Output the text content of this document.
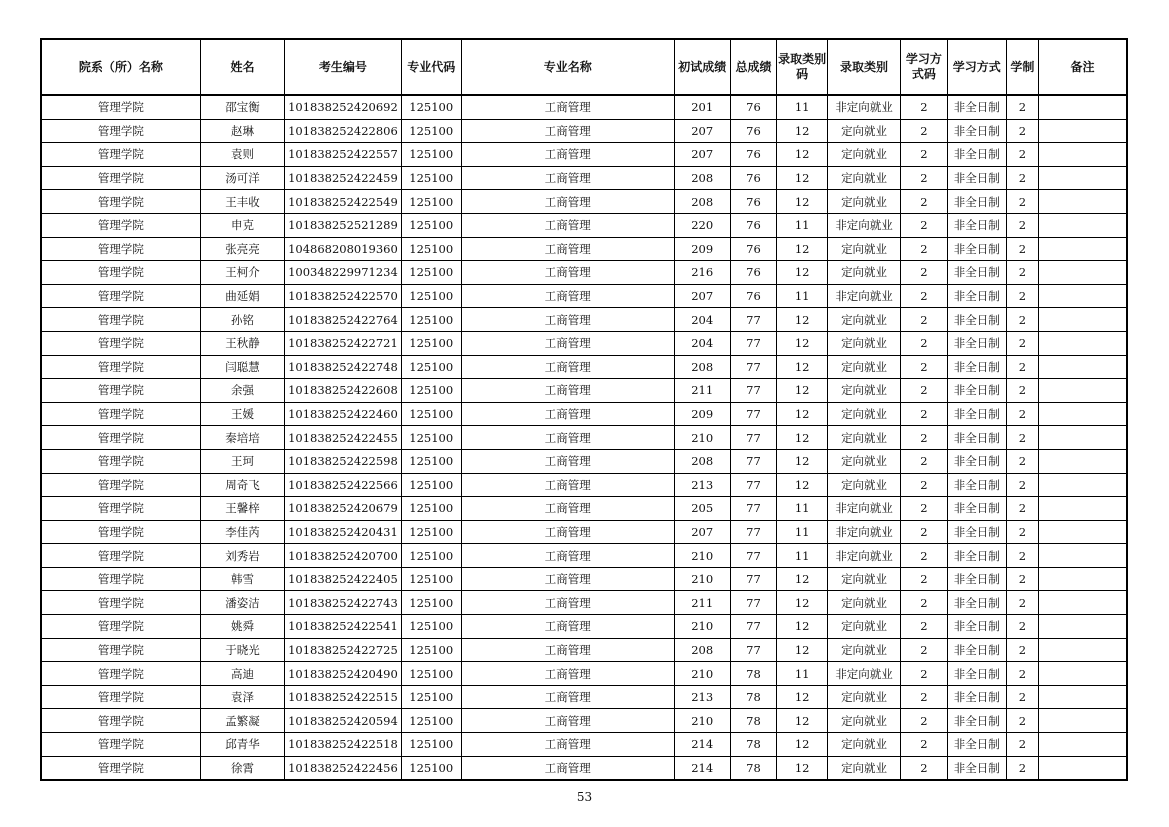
院系（所）名称	姓名	考生编号	专业代码	专业名称	初试成绩	总成绩	录取类别码	录取类别	学习方式码	学习方式	学制	备注
管理学院	邵宝衡	101838252420692	125100	工商管理	201	76	11	非定向就业	2	非全日制	2	
管理学院	赵琳	101838252422806	125100	工商管理	207	76	12	定向就业	2	非全日制	2	
管理学院	袁则	101838252422557	125100	工商管理	207	76	12	定向就业	2	非全日制	2	
管理学院	汤可洋	101838252422459	125100	工商管理	208	76	12	定向就业	2	非全日制	2	
管理学院	王丰收	101838252422549	125100	工商管理	208	76	12	定向就业	2	非全日制	2	
管理学院	申克	101838252521289	125100	工商管理	220	76	11	非定向就业	2	非全日制	2	
管理学院	张亮亮	104868208019360	125100	工商管理	209	76	12	定向就业	2	非全日制	2	
管理学院	王柯介	100348229971234	125100	工商管理	216	76	12	定向就业	2	非全日制	2	
管理学院	曲延娟	101838252422570	125100	工商管理	207	76	11	非定向就业	2	非全日制	2	
管理学院	孙铭	101838252422764	125100	工商管理	204	77	12	定向就业	2	非全日制	2	
管理学院	王秋静	101838252422721	125100	工商管理	204	77	12	定向就业	2	非全日制	2	
管理学院	闫聪慧	101838252422748	125100	工商管理	208	77	12	定向就业	2	非全日制	2	
管理学院	余强	101838252422608	125100	工商管理	211	77	12	定向就业	2	非全日制	2	
管理学院	王媛	101838252422460	125100	工商管理	209	77	12	定向就业	2	非全日制	2	
管理学院	秦培培	101838252422455	125100	工商管理	210	77	12	定向就业	2	非全日制	2	
管理学院	王珂	101838252422598	125100	工商管理	208	77	12	定向就业	2	非全日制	2	
管理学院	周奇飞	101838252422566	125100	工商管理	213	77	12	定向就业	2	非全日制	2	
管理学院	王馨梓	101838252420679	125100	工商管理	205	77	11	非定向就业	2	非全日制	2	
管理学院	李佳芮	101838252420431	125100	工商管理	207	77	11	非定向就业	2	非全日制	2	
管理学院	刘秀岩	101838252420700	125100	工商管理	210	77	11	非定向就业	2	非全日制	2	
管理学院	韩雪	101838252422405	125100	工商管理	210	77	12	定向就业	2	非全日制	2	
管理学院	潘姿洁	101838252422743	125100	工商管理	211	77	12	定向就业	2	非全日制	2	
管理学院	姚舜	101838252422541	125100	工商管理	210	77	12	定向就业	2	非全日制	2	
管理学院	于晓光	101838252422725	125100	工商管理	208	77	12	定向就业	2	非全日制	2	
管理学院	高迪	101838252420490	125100	工商管理	210	78	11	非定向就业	2	非全日制	2	
管理学院	袁泽	101838252422515	125100	工商管理	213	78	12	定向就业	2	非全日制	2	
管理学院	孟繁凝	101838252420594	125100	工商管理	210	78	12	定向就业	2	非全日制	2	
管理学院	邱青华	101838252422518	125100	工商管理	214	78	12	定向就业	2	非全日制	2	
管理学院	徐霄	101838252422456	125100	工商管理	214	78	12	定向就业	2	非全日制	2	
53
